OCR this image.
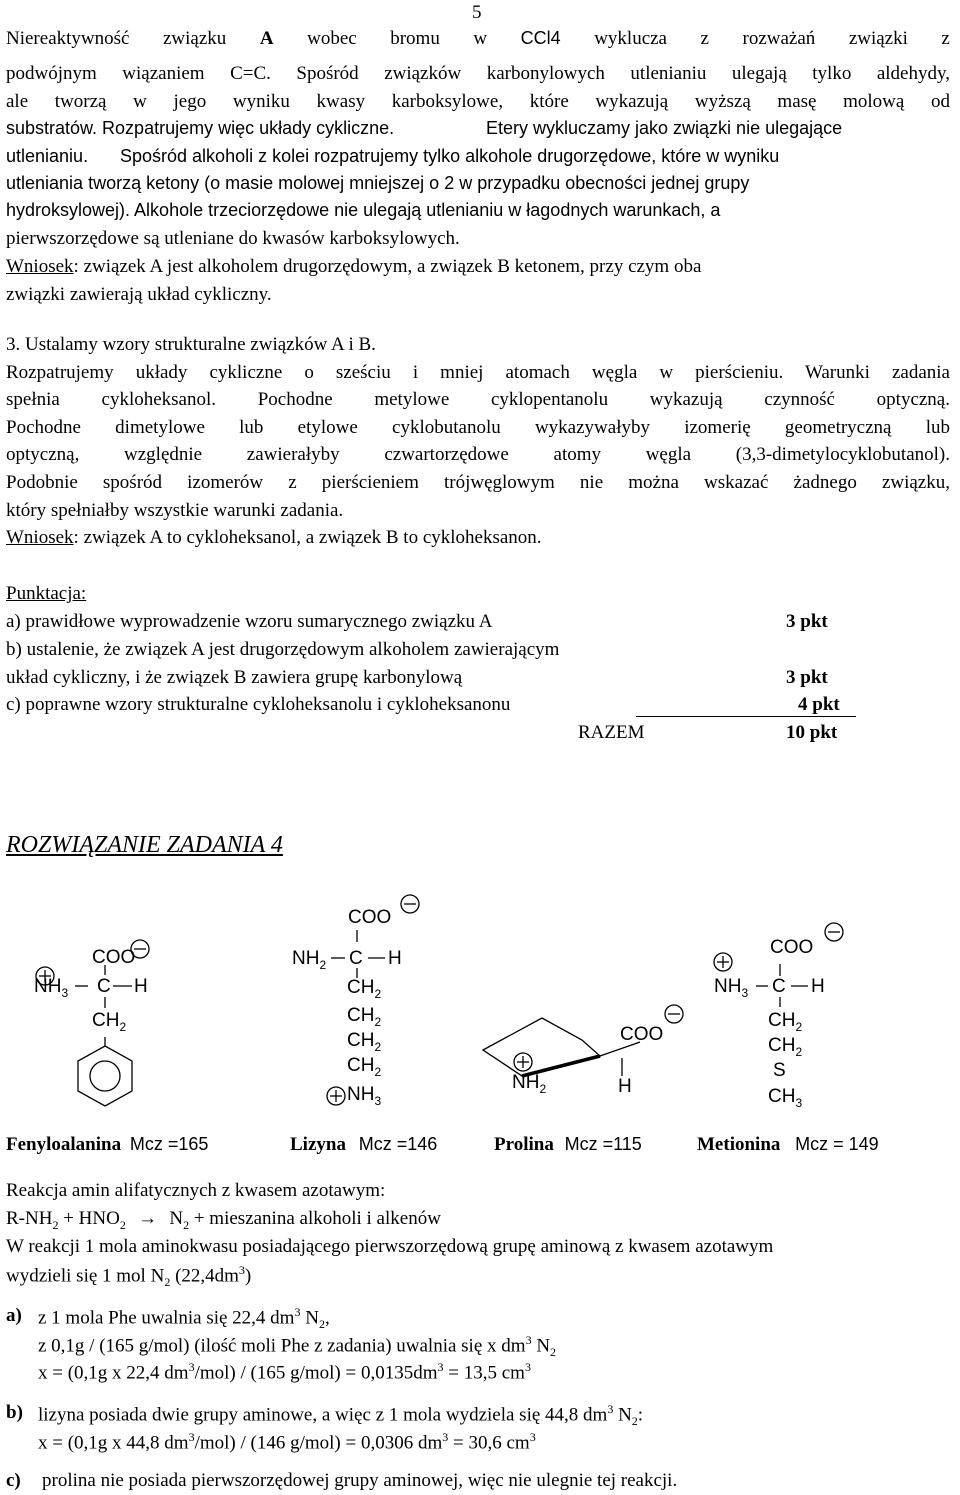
5
Niereaktywność związku A wobec bromu w CCl4 wyklucza z rozważań związki z
podwójnym wiązaniem C=C. Spośród związków karbonylowych utlenianiu ulegają tylko aldehydy,
ale tworzą w jego wyniku kwasy karboksylowe, które wykazują wyższą masę molową od
substratów. Rozpatrujemy więc układy cykliczne.	Etery wykluczamy jako związki nie ulegające
utlenianiu. Spośród alkoholi z kolei rozpatrujemy tylko alkohole drugorzędowe, które w wyniku
utleniania tworzą ketony (o masie molowej mniejszej o 2 w przypadku obecności jednej grupy
hydroksylowej). Alkohole trzeciorzędowe nie ulegają utlenianiu w łagodnych warunkach, a
pierwszorzędowe są utleniane do kwasów karboksylowych.
Wniosek: związek A jest alkoholem drugorzędowym, a związek B ketonem, przy czym oba
związki zawierają układ cykliczny.
3. Ustalamy wzory strukturalne związków A i B.
Rozpatrujemy układy cykliczne o sześciu i mniej atomach węgla w pierścieniu. Warunki zadania
spełnia cykloheksanol. Pochodne metylowe cyklopentanolu wykazują czynność optyczną.
Pochodne dimetylowe lub etylowe cyklobutanolu wykazywałyby izomerię geometryczną lub
optyczną, względnie zawierałyby czwartorzędowe atomy węgla (3,3-dimetylocyklobutanol).
Podobnie spośród izomerów z pierścieniem trójwęglowym nie można wskazać żadnego związku,
który spełniałby wszystkie warunki zadania.
Wniosek: związek A to cykloheksanol, a związek B to cykloheksanon.
Punktacja:
a) prawidłowe wyprowadzenie wzoru sumarycznego związku A	3 pkt
b) ustalenie, że związek A jest drugorzędowym alkoholem zawierającym
układ cykliczny, i że związek B zawiera grupę karbonylową	3 pkt
c) poprawne wzory strukturalne cykloheksanolu i cykloheksanonu	4 pkt
RAZEM	10 pkt
ROZWIĄZANIE ZADANIA 4
COO
$NH_3$ C H
$CH_2$
COO
$NH_2$ C H
$CH_2$
$CH_2$
$CH_2$
$CH_2$
$NH_3$
COO
$NH_2$	H
COO
$NH_3$ C H
$CH_2$
$CH_2$
S
$CH_3$
Fenyloalanina Mcz =165	Lizyna Mcz =146	Prolina Mcz =115	Metionina Mcz = 149
Reakcja amin alifatycznych z kwasem azotawym:
$R-NH_2 + HNO_2 \to N_2$ + mieszanina alkoholi i alkenów
W reakcji 1 mola aminokwasu posiadającego pierwszorzędową grupę aminową z kwasem azotawym
wydzieli się 1 mol $N_2$ $(22,4dm^3)$
a) z 1 mola Phe uwalnia się 22,4 $dm^3$ $N_2$,
z 0,1g / (165 g/mol) (ilość moli Phe z zadania) uwalnia się x $dm^3$ $N_2$
x = (0,1g x 22,4 $dm^3/mol) / (165$ $g/mol) = 0,0135dm^3 = 13,5$ $cm^3$
b) lizyna posiada dwie grupy aminowe, a więc z 1 mola wydziela się 44,8 $dm^3$ $N_2$:
x = (0,1g x 44,8 $dm^3/mol) / (146$ g/mol) = 0,0306 $dm^3 = 30,6$ $cm^3$
c) prolina nie posiada pierwszorzędowej grupy aminowej, więc nie ulegnie tej reakcji.
